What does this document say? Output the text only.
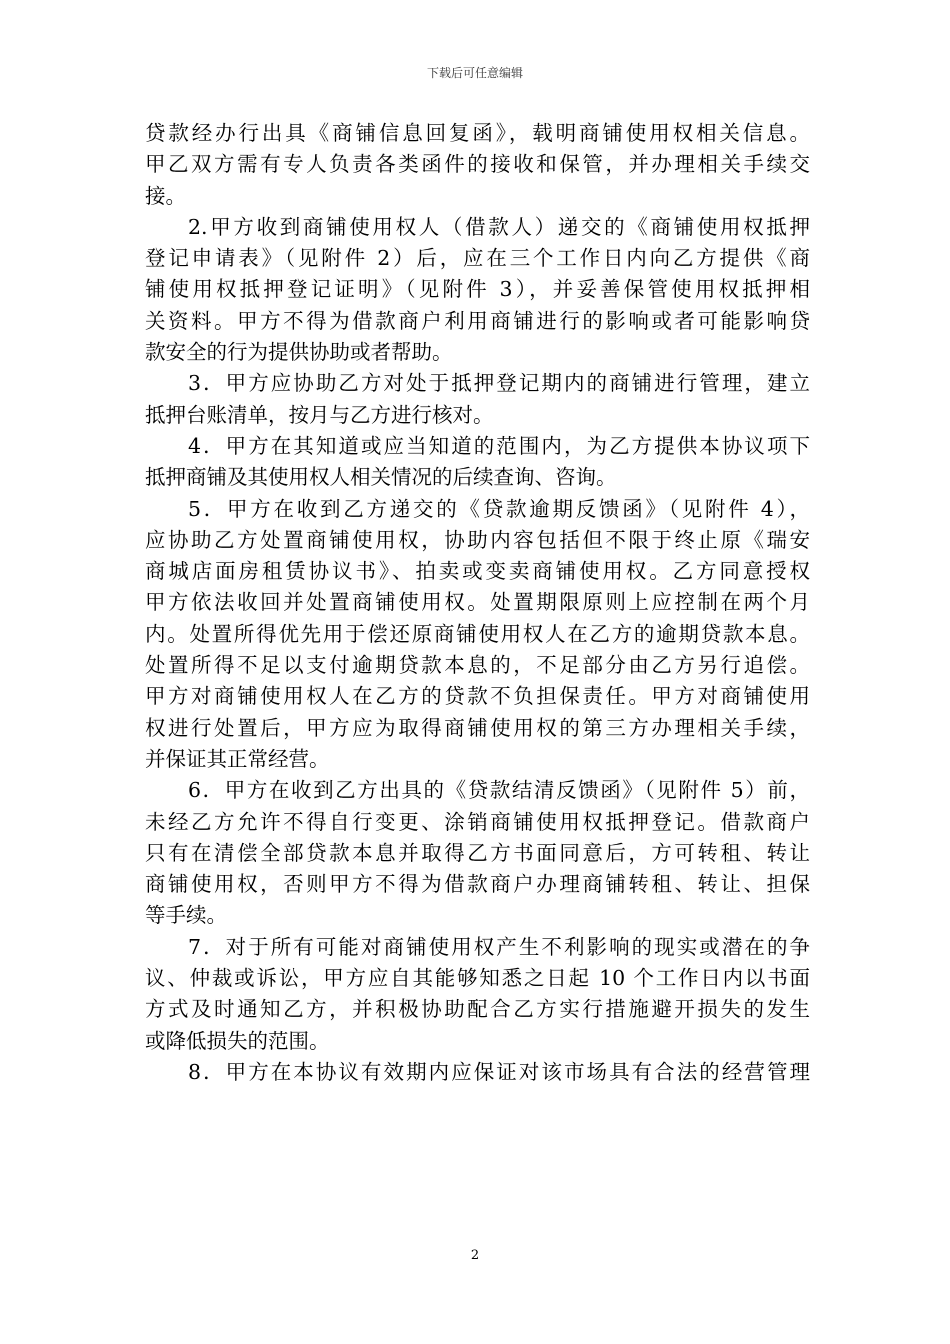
下载后可任意编辑
贷款经办行出具《商铺信息回复函》，载明商铺使用权相关信息。
甲乙双方需有专人负责各类函件的接收和保管，并办理相关手续交
接。
2.甲方收到商铺使用权人（借款人）递交的《商铺使用权抵押
登记申请表》（见附件 2）后，应在三个工作日内向乙方提供《商
铺使用权抵押登记证明》（见附件 3），并妥善保管使用权抵押相
关资料。甲方不得为借款商户利用商铺进行的影响或者可能影响贷
款安全的行为提供协助或者帮助。
3．甲方应协助乙方对处于抵押登记期内的商铺进行管理，建立
抵押台账清单，按月与乙方进行核对。
4．甲方在其知道或应当知道的范围内，为乙方提供本协议项下
抵押商铺及其使用权人相关情况的后续查询、咨询。
5．甲方在收到乙方递交的《贷款逾期反馈函》（见附件 4），
应协助乙方处置商铺使用权，协助内容包括但不限于终止原《瑞安
商城店面房租赁协议书》、拍卖或变卖商铺使用权。乙方同意授权
甲方依法收回并处置商铺使用权。处置期限原则上应控制在两个月
内。处置所得优先用于偿还原商铺使用权人在乙方的逾期贷款本息。
处置所得不足以支付逾期贷款本息的，不足部分由乙方另行追偿。
甲方对商铺使用权人在乙方的贷款不负担保责任。甲方对商铺使用
权进行处置后，甲方应为取得商铺使用权的第三方办理相关手续，
并保证其正常经营。
6．甲方在收到乙方出具的《贷款结清反馈函》（见附件 5）前，
未经乙方允许不得自行变更、涂销商铺使用权抵押登记。借款商户
只有在清偿全部贷款本息并取得乙方书面同意后，方可转租、转让
商铺使用权，否则甲方不得为借款商户办理商铺转租、转让、担保
等手续。
7．对于所有可能对商铺使用权产生不利影响的现实或潜在的争
议、仲裁或诉讼，甲方应自其能够知悉之日起 10 个工作日内以书面
方式及时通知乙方，并积极协助配合乙方实行措施避开损失的发生
或降低损失的范围。
8．甲方在本协议有效期内应保证对该市场具有合法的经营管理
2
